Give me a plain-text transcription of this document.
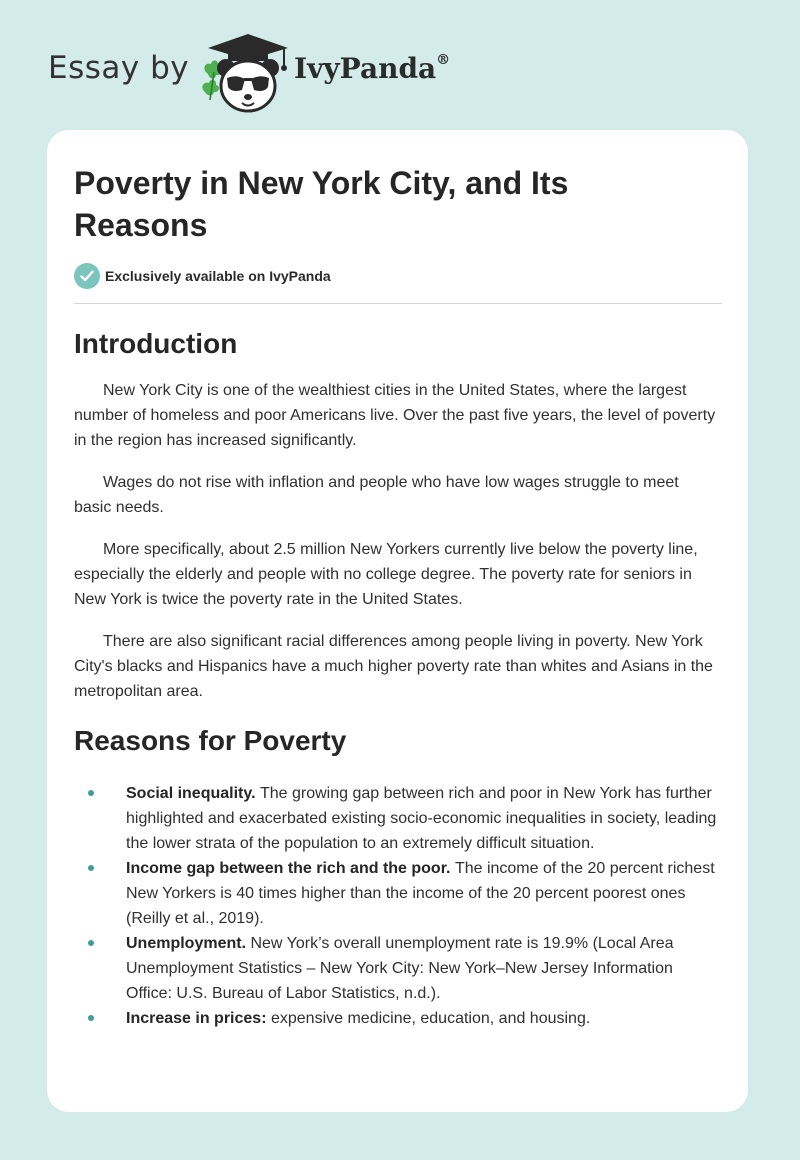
Essay by	IvyPanda®
Poverty in New York City, and Its Reasons
Exclusively available on IvyPanda
Introduction

New York City is one of the wealthiest cities in the United States, where the largest number of homeless and poor Americans live. Over the past five years, the level of poverty in the region has increased significantly.

Wages do not rise with inflation and people who have low wages struggle to meet basic needs.

More specifically, about 2.5 million New Yorkers currently live below the poverty line, especially the elderly and people with no college degree. The poverty rate for seniors in New York is twice the poverty rate in the United States.

There are also significant racial differences among people living in poverty. New York City's blacks and Hispanics have a much higher poverty rate than whites and Asians in the metropolitan area.

Reasons for Poverty
Social inequality. The growing gap between rich and poor in New York has further highlighted and exacerbated existing socio-economic inequalities in society, leading the lower strata of the population to an extremely difficult situation.
Income gap between the rich and the poor. The income of the 20 percent richest New Yorkers is 40 times higher than the income of the 20 percent poorest ones (Reilly et al., 2019).
Unemployment. New York’s overall unemployment rate is 19.9% (Local Area Unemployment Statistics – New York City: New York–New Jersey Information Office: U.S. Bureau of Labor Statistics, n.d.).
Increase in prices: expensive medicine, education, and housing.
